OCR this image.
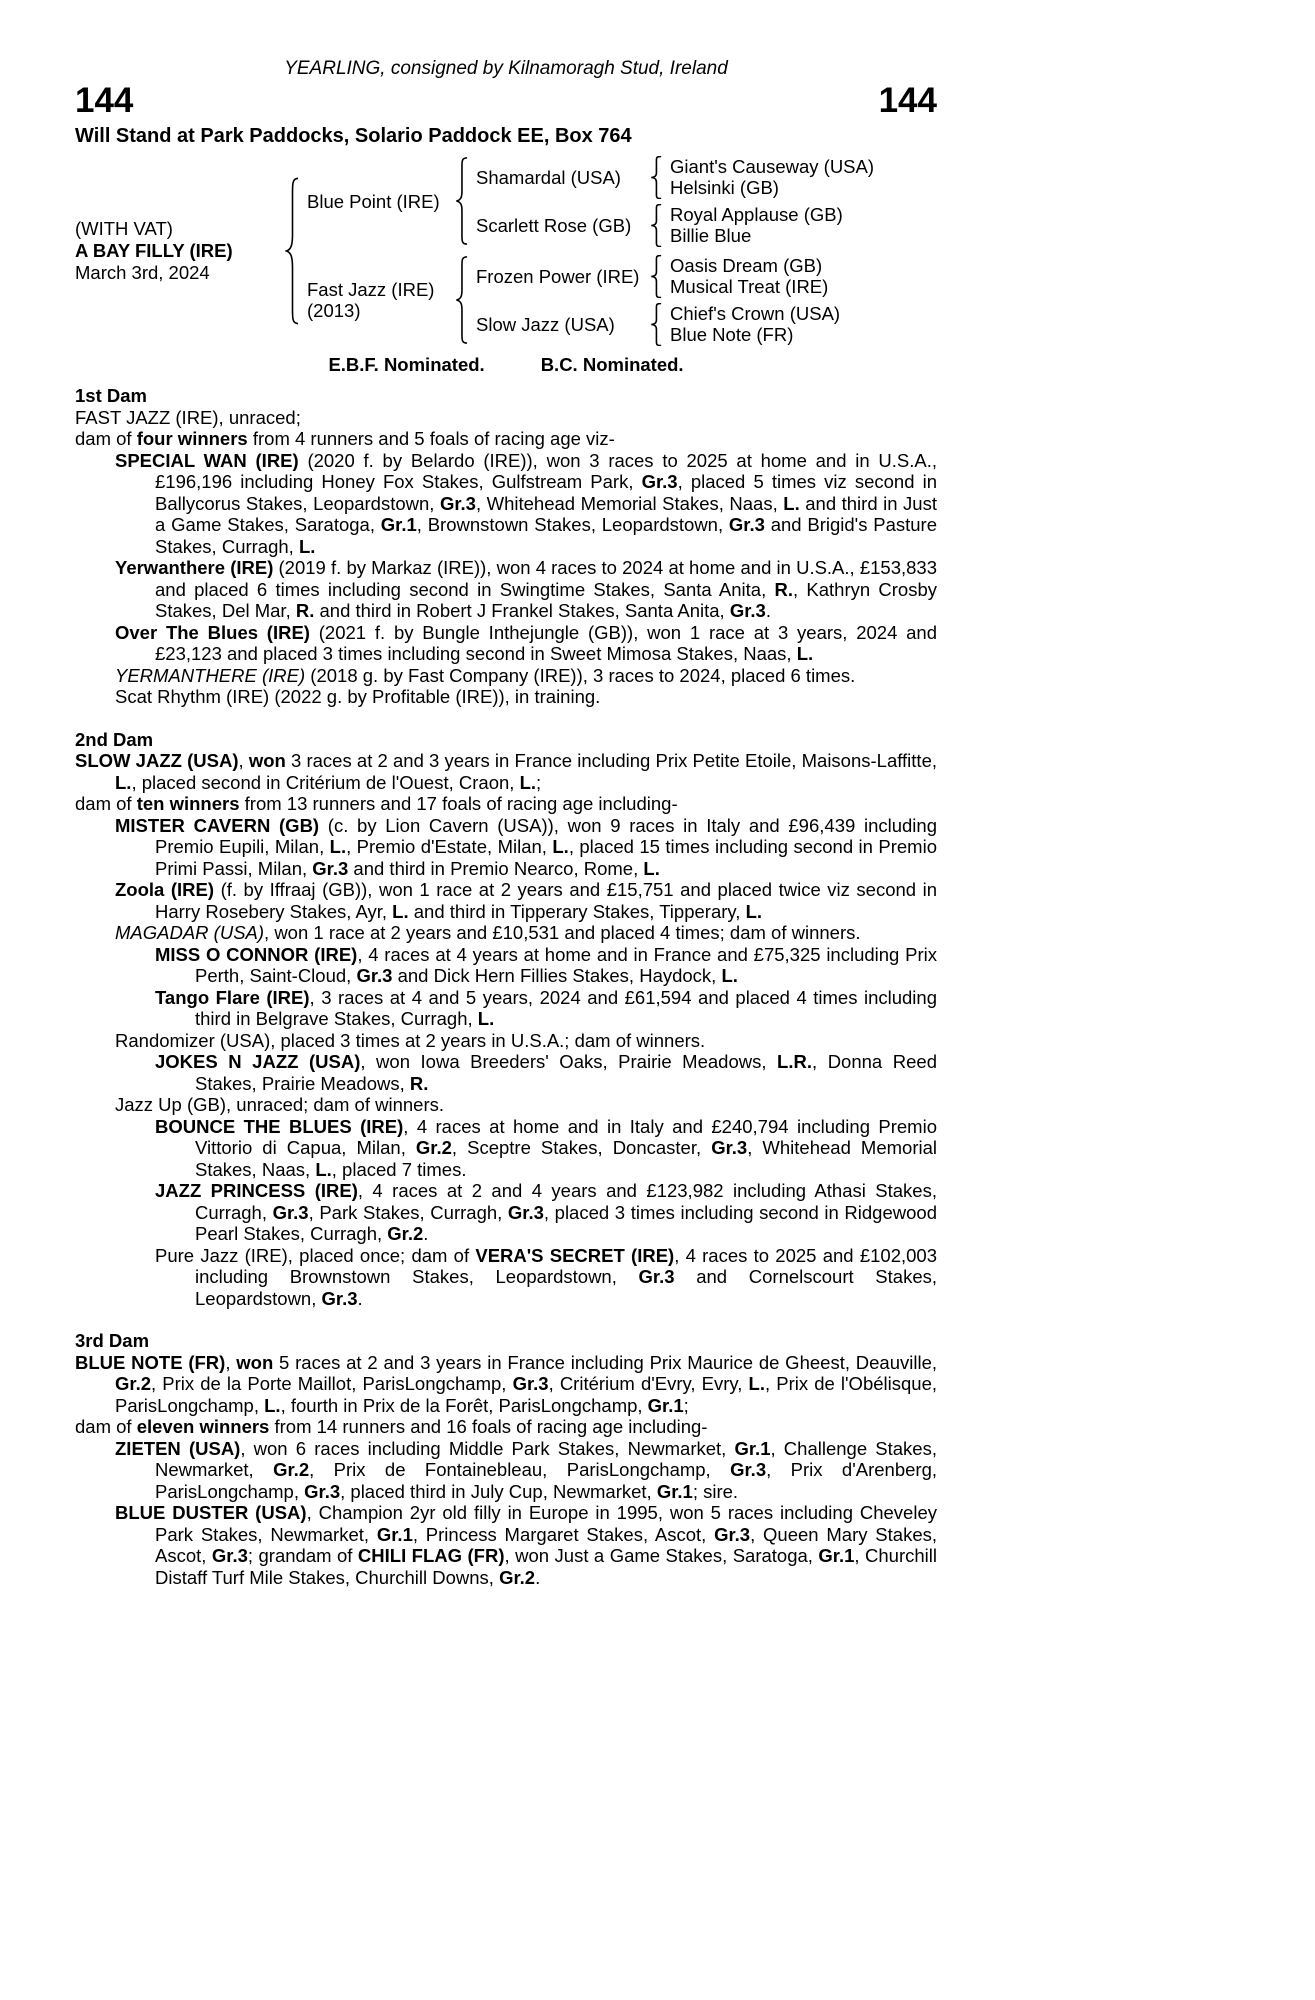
YEARLING, consigned by Kilnamoragh Stud, Ireland
144	144
Will Stand at Park Paddocks, Solario Paddock EE, Box 764
(WITH VAT)
A BAY FILLY (IRE)
March 3rd, 2024
Blue Point (IRE)
Shamardal (USA)
Giant's Causeway (USA)
Helsinki (GB)
Scarlett Rose (GB)
Royal Applause (GB)
Billie Blue
Fast Jazz (IRE)
(2013)
Frozen Power (IRE)
Oasis Dream (GB)
Musical Treat (IRE)
Slow Jazz (USA)
Chief's Crown (USA)
Blue Note (FR)
E.B.F. Nominated.	B.C. Nominated.
1st Dam

FAST JAZZ (IRE), unraced;

dam of four winners from 4 runners and 5 foals of racing age viz-

SPECIAL WAN (IRE) (2020 f. by Belardo (IRE)), won 3 races to 2025 at home and in U.S.A., £196,196 including Honey Fox Stakes, Gulfstream Park, Gr.3, placed 5 times viz second in Ballycorus Stakes, Leopardstown, Gr.3, Whitehead Memorial Stakes, Naas, L. and third in Just a Game Stakes, Saratoga, Gr.1, Brownstown Stakes, Leopardstown, Gr.3 and Brigid's Pasture Stakes, Curragh, L.

Yerwanthere (IRE) (2019 f. by Markaz (IRE)), won 4 races to 2024 at home and in U.S.A., £153,833 and placed 6 times including second in Swingtime Stakes, Santa Anita, R., Kathryn Crosby Stakes, Del Mar, R. and third in Robert J Frankel Stakes, Santa Anita, Gr.3.

Over The Blues (IRE) (2021 f. by Bungle Inthejungle (GB)), won 1 race at 3 years, 2024 and £23,123 and placed 3 times including second in Sweet Mimosa Stakes, Naas, L.

YERMANTHERE (IRE) (2018 g. by Fast Company (IRE)), 3 races to 2024, placed 6 times.

Scat Rhythm (IRE) (2022 g. by Profitable (IRE)), in training.

2nd Dam

SLOW JAZZ (USA), won 3 races at 2 and 3 years in France including Prix Petite Etoile, Maisons-Laffitte, L., placed second in Critérium de l'Ouest, Craon, L.;

dam of ten winners from 13 runners and 17 foals of racing age including-

MISTER CAVERN (GB) (c. by Lion Cavern (USA)), won 9 races in Italy and £96,439 including Premio Eupili, Milan, L., Premio d'Estate, Milan, L., placed 15 times including second in Premio Primi Passi, Milan, Gr.3 and third in Premio Nearco, Rome, L.

Zoola (IRE) (f. by Iffraaj (GB)), won 1 race at 2 years and £15,751 and placed twice viz second in Harry Rosebery Stakes, Ayr, L. and third in Tipperary Stakes, Tipperary, L.

MAGADAR (USA), won 1 race at 2 years and £10,531 and placed 4 times; dam of winners.

MISS O CONNOR (IRE), 4 races at 4 years at home and in France and £75,325 including Prix Perth, Saint-Cloud, Gr.3 and Dick Hern Fillies Stakes, Haydock, L.

Tango Flare (IRE), 3 races at 4 and 5 years, 2024 and £61,594 and placed 4 times including third in Belgrave Stakes, Curragh, L.

Randomizer (USA), placed 3 times at 2 years in U.S.A.; dam of winners.

JOKES N JAZZ (USA), won Iowa Breeders' Oaks, Prairie Meadows, L.R., Donna Reed Stakes, Prairie Meadows, R.

Jazz Up (GB), unraced; dam of winners.

BOUNCE THE BLUES (IRE), 4 races at home and in Italy and £240,794 including Premio Vittorio di Capua, Milan, Gr.2, Sceptre Stakes, Doncaster, Gr.3, Whitehead Memorial Stakes, Naas, L., placed 7 times.

JAZZ PRINCESS (IRE), 4 races at 2 and 4 years and £123,982 including Athasi Stakes, Curragh, Gr.3, Park Stakes, Curragh, Gr.3, placed 3 times including second in Ridgewood Pearl Stakes, Curragh, Gr.2.

Pure Jazz (IRE), placed once; dam of VERA'S SECRET (IRE), 4 races to 2025 and £102,003 including Brownstown Stakes, Leopardstown, Gr.3 and Cornelscourt Stakes, Leopardstown, Gr.3.

3rd Dam

BLUE NOTE (FR), won 5 races at 2 and 3 years in France including Prix Maurice de Gheest, Deauville, Gr.2, Prix de la Porte Maillot, ParisLongchamp, Gr.3, Critérium d'Evry, Evry, L., Prix de l'Obélisque, ParisLongchamp, L., fourth in Prix de la Forêt, ParisLongchamp, Gr.1;

dam of eleven winners from 14 runners and 16 foals of racing age including-

ZIETEN (USA), won 6 races including Middle Park Stakes, Newmarket, Gr.1, Challenge Stakes, Newmarket, Gr.2, Prix de Fontainebleau, ParisLongchamp, Gr.3, Prix d'Arenberg, ParisLongchamp, Gr.3, placed third in July Cup, Newmarket, Gr.1; sire.

BLUE DUSTER (USA), Champion 2yr old filly in Europe in 1995, won 5 races including Cheveley Park Stakes, Newmarket, Gr.1, Princess Margaret Stakes, Ascot, Gr.3, Queen Mary Stakes, Ascot, Gr.3; grandam of CHILI FLAG (FR), won Just a Game Stakes, Saratoga, Gr.1, Churchill Distaff Turf Mile Stakes, Churchill Downs, Gr.2.
